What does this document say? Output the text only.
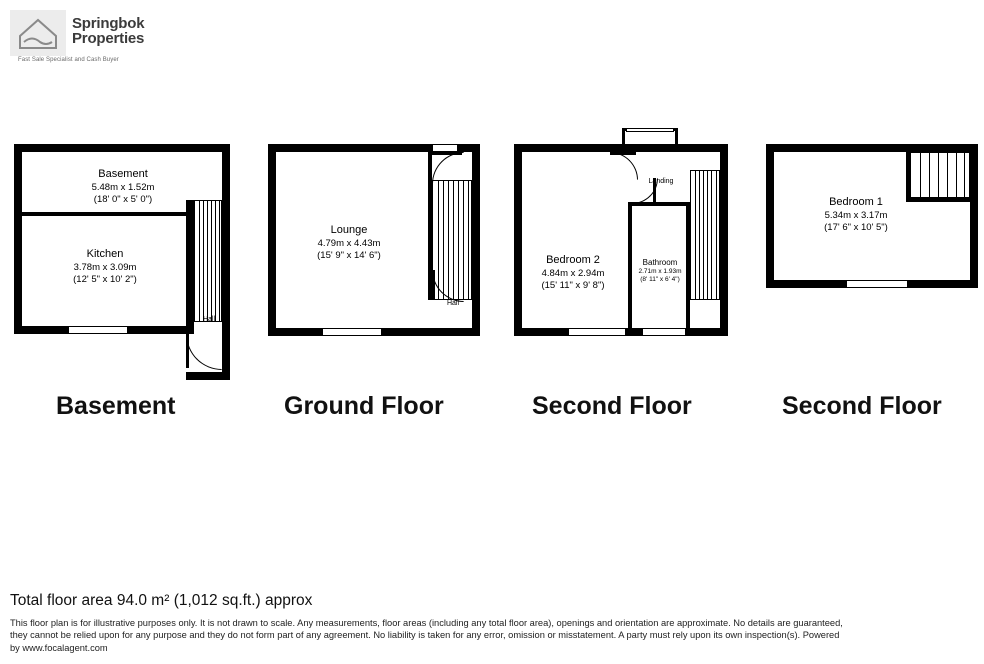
Springbok
Properties
Fast Sale Specialist and Cash Buyer
Basement
5.48m x 1.52m
(18' 0" x 5' 0")
Kitchen
3.78m x 3.09m
(12' 5" x 10' 2")
Hall
Basement
Lounge
4.79m x 4.43m
(15' 9" x 14' 6")
Hall
Ground Floor
Bedroom 2
4.84m x 2.94m
(15' 11" x 9' 8")
Bathroom
2.71m x 1.93m
(8' 11" x 6' 4")
Landing
Second Floor
Bedroom 1
5.34m x 3.17m
(17' 6" x 10' 5")
Second Floor
Total floor area 94.0 m² (1,012 sq.ft.) approx
This floor plan is for illustrative purposes only. It is not drawn to scale. Any measurements, floor areas (including any total floor area), openings and orientation are approximate. No details are guaranteed,
they cannot be relied upon for any purpose and they do not form part of any agreement. No liability is taken for any error, omission or misstatement. A party must rely upon its own inspection(s). Powered
by www.focalagent.com
